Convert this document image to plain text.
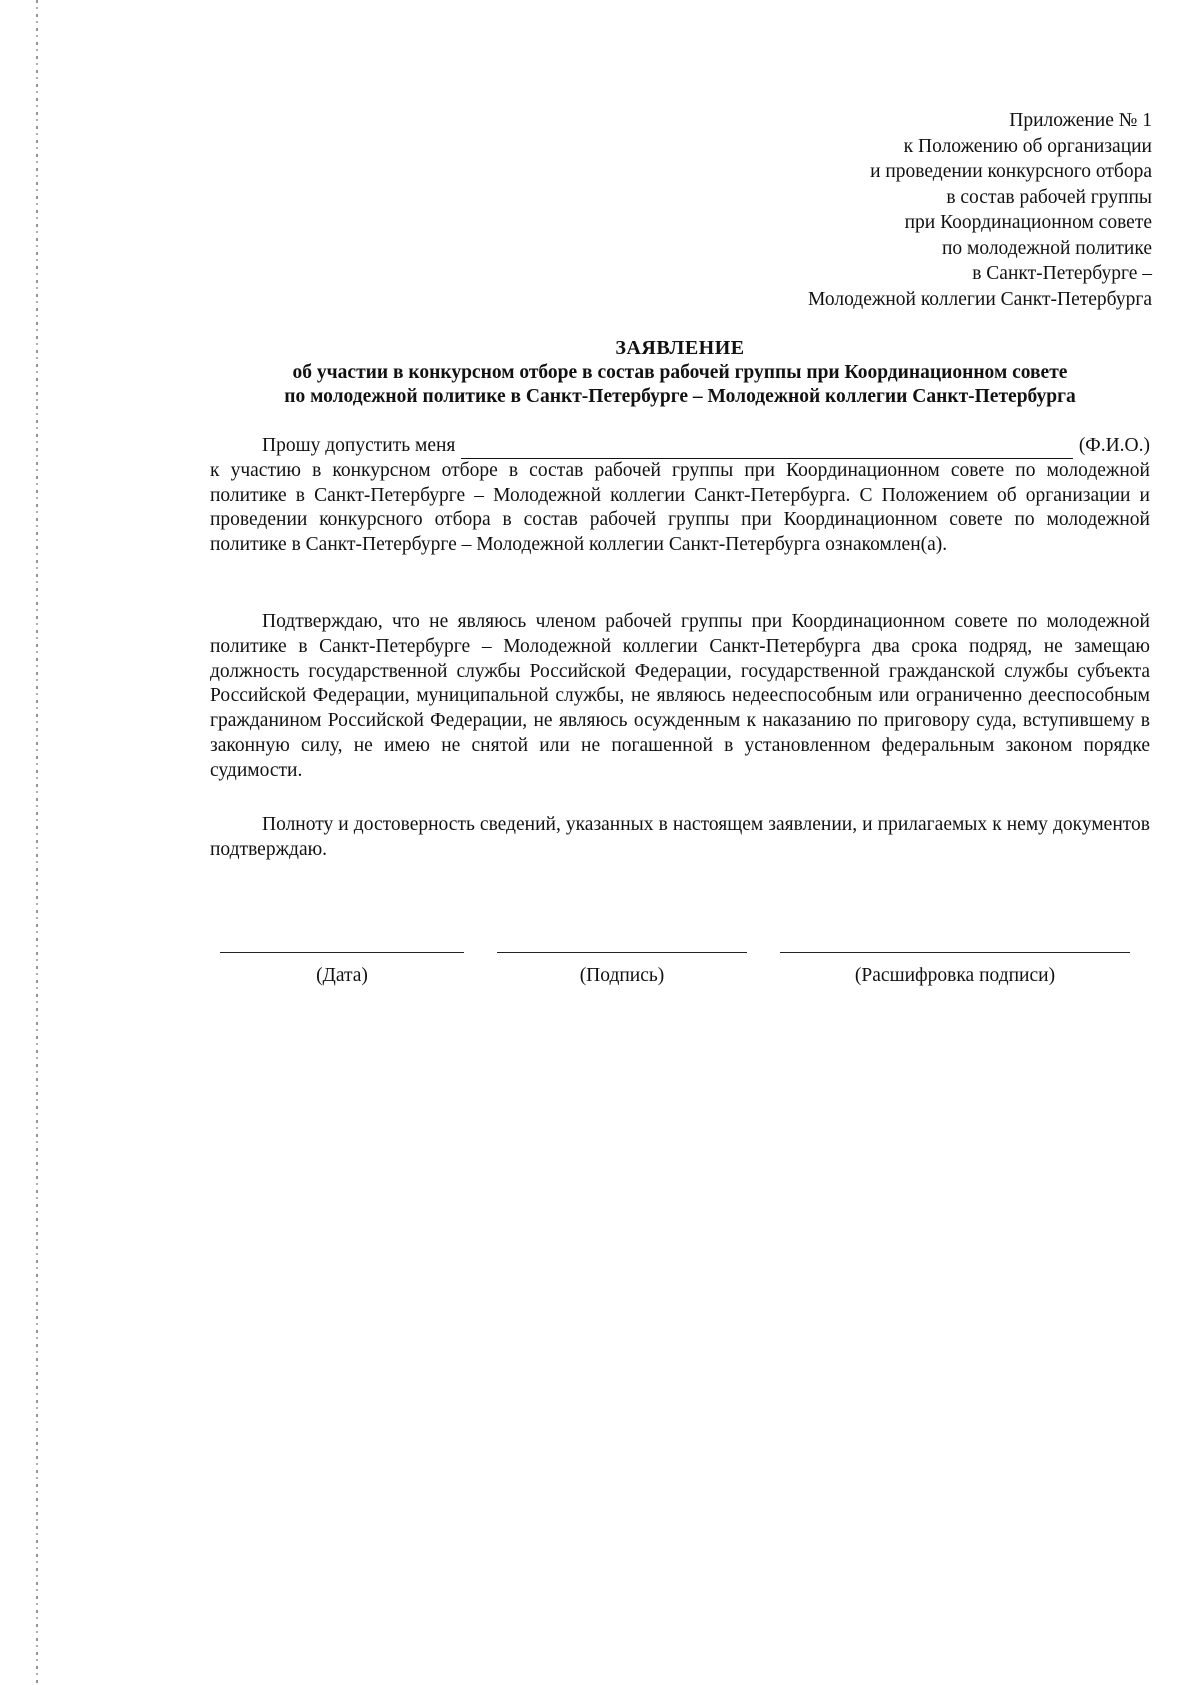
Приложение № 1
к Положению об организации
и проведении конкурсного отбора
в состав рабочей группы
при Координационном совете
по молодежной политике
в Санкт-Петербурге –
Молодежной коллегии Санкт-Петербурга
ЗАЯВЛЕНИЕ
об участии в конкурсном отборе в состав рабочей группы при Координационном совете
по молодежной политике в Санкт-Петербурге – Молодежной коллегии Санкт-Петербурга
Прошу допустить меня	(Ф.И.О.)

к участию в конкурсном отборе в состав рабочей группы при Координационном совете по молодежной политике в Санкт-Петербурге – Молодежной коллегии Санкт-Петербурга. С Положением об организации и проведении конкурсного отбора в состав рабочей группы при Координационном совете по молодежной политике в Санкт-Петербурге – Молодежной коллегии Санкт-Петербурга ознакомлен(а).

Подтверждаю, что не являюсь членом рабочей группы при Координационном совете по молодежной политике в Санкт-Петербурге – Молодежной коллегии Санкт-Петербурга два срока подряд, не замещаю должность государственной службы Российской Федерации, государственной гражданской службы субъекта Российской Федерации, муниципальной службы, не являюсь недееспособным или ограниченно дееспособным гражданином Российской Федерации, не являюсь осужденным к наказанию по приговору суда, вступившему в законную силу, не имею не снятой или не погашенной в установленном федеральным законом порядке судимости.

Полноту и достоверность сведений, указанных в настоящем заявлении, и прилагаемых к нему документов подтверждаю.

(Дата)	(Подпись)	(Расшифровка подписи)
